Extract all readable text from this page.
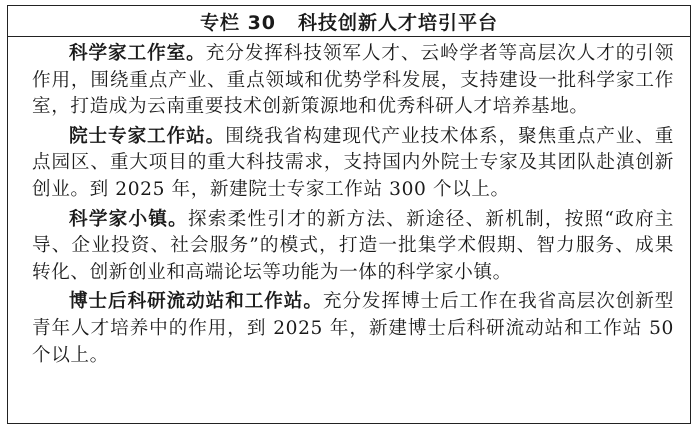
专栏 30 科技创新人才培引平台

科学家工作室。充分发挥科技领军人才、云岭学者等高层次人才的引领作用，围绕重点产业、重点领域和优势学科发展，支持建设一批科学家工作室，打造成为云南重要技术创新策源地和优秀科研人才培养基地。

院士专家工作站。围绕我省构建现代产业技术体系，聚焦重点产业、重点园区、重大项目的重大科技需求，支持国内外院士专家及其团队赴滇创新创业。到 2025 年，新建院士专家工作站 300 个以上。

科学家小镇。探索柔性引才的新方法、新途径、新机制，按照“政府主导、企业投资、社会服务”的模式，打造一批集学术假期、智力服务、成果转化、创新创业和高端论坛等功能为一体的科学家小镇。

博士后科研流动站和工作站。充分发挥博士后工作在我省高层次创新型青年人才培养中的作用，到 2025 年，新建博士后科研流动站和工作站 50 个以上。
